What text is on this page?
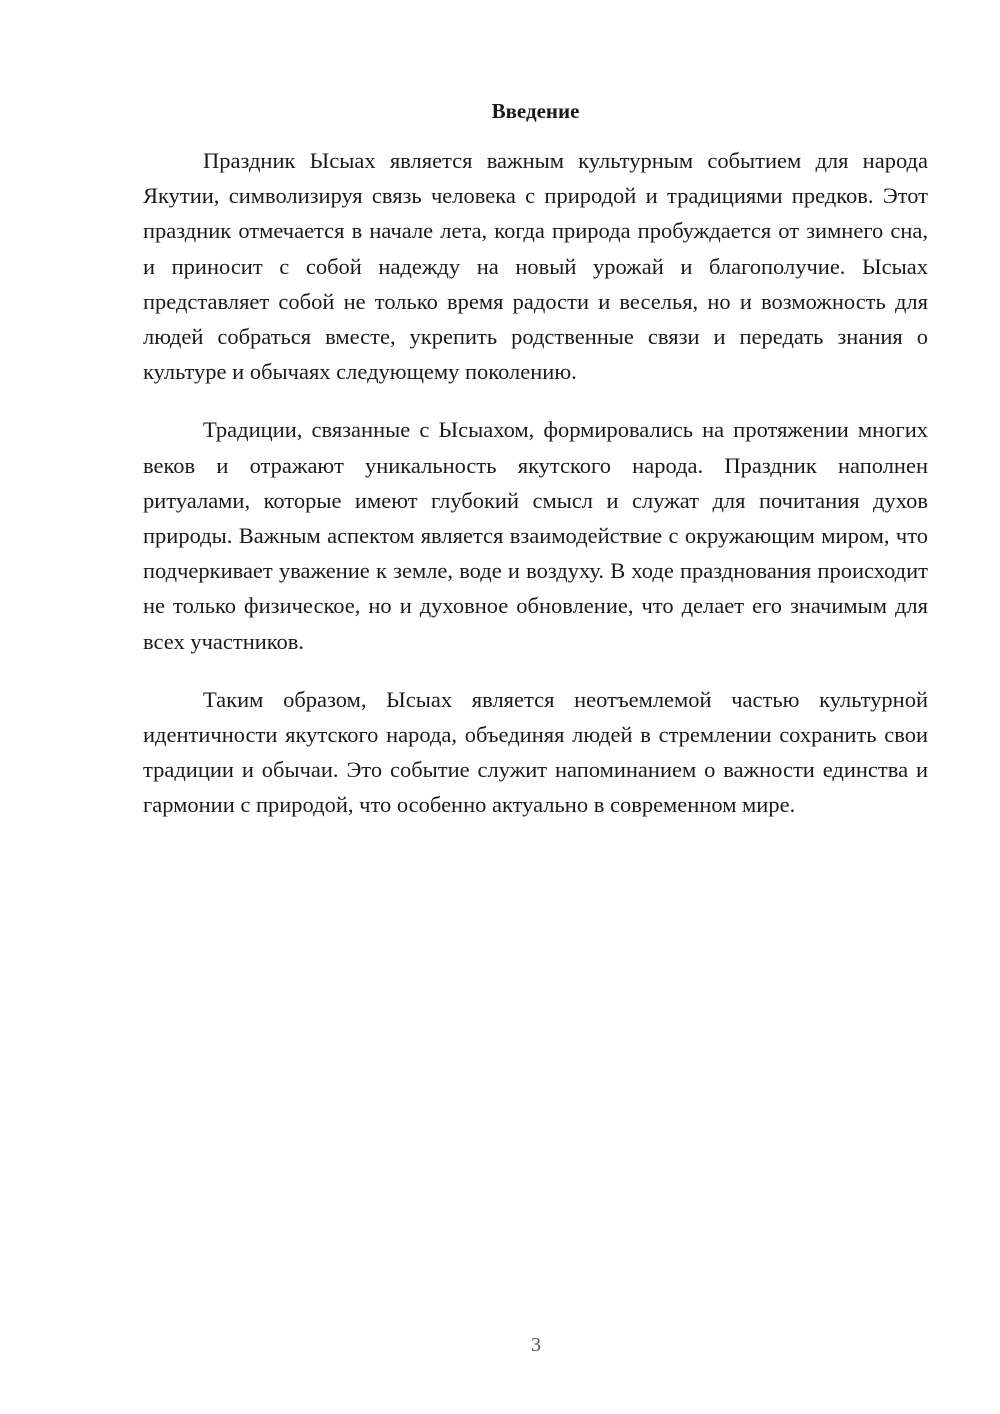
Введение

Праздник Ысыах является важным культурным событием для народа Якутии, символизируя связь человека с природой и традициями предков. Этот праздник отмечается в начале лета, когда природа пробуждается от зимнего сна, и приносит с собой надежду на новый урожай и благополучие. Ысыах представляет собой не только время радости и веселья, но и возможность для людей собраться вместе, укрепить родственные связи и передать знания о культуре и обычаях следующему поколению.

Традиции, связанные с Ысыахом, формировались на протяжении многих веков и отражают уникальность якутского народа. Праздник наполнен ритуалами, которые имеют глубокий смысл и служат для почитания духов природы. Важным аспектом является взаимодействие с окружающим миром, что подчеркивает уважение к земле, воде и воздуху. В ходе празднования происходит не только физическое, но и духовное обновление, что делает его значимым для всех участников.

Таким образом, Ысыах является неотъемлемой частью культурной идентичности якутского народа, объединяя людей в стремлении сохранить свои традиции и обычаи. Это событие служит напоминанием о важности единства и гармонии с природой, что особенно актуально в современном мире.

3
